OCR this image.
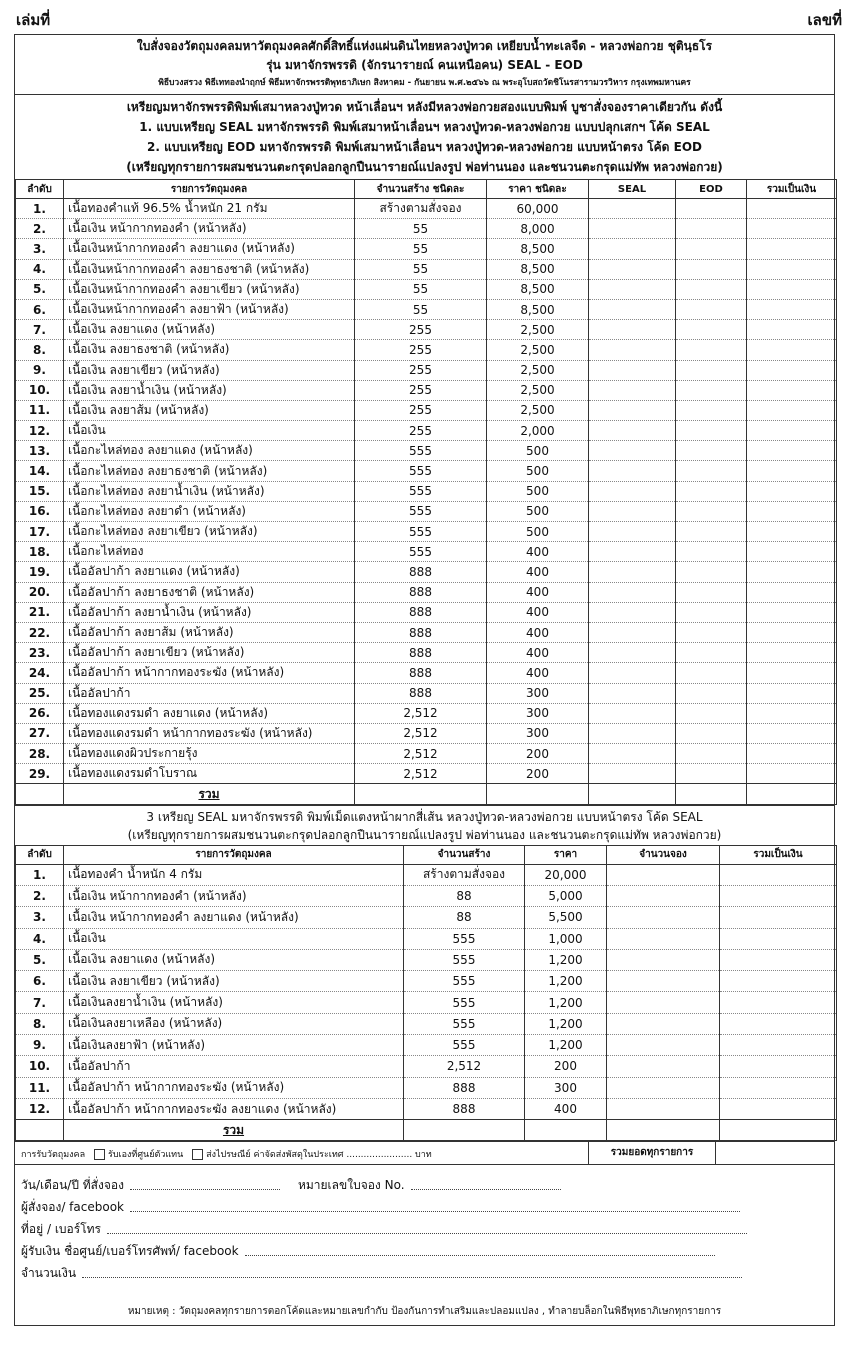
เล่มที่	เลขที่
ใบสั่งจองวัตถุมงคลมหาวัตถุมงคลศักดิ์สิทธิ์แห่งแผ่นดินไทยหลวงปู่ทวด เหยียบน้ำทะเลจืด - หลวงพ่อกวย ชุตินฺธโร
รุ่น มหาจักรพรรดิ (จักรนารายณ์ คนเหนือคน) SEAL - EOD
พิธีบวงสรวง พิธีเททองนำฤกษ์ พิธีมหาจักรพรรดิพุทธาภิเษก สิงหาคม - กันยายน พ.ศ.๒๕๖๖ ณ พระอุโบสถวัดชิโนรสารามวรวิหาร กรุงเทพมหานคร
เหรียญมหาจักรพรรดิพิมพ์เสมาหลวงปู่ทวด หน้าเลื่อนฯ หลังมีหลวงพ่อกวยสองแบบพิมพ์ บูชาสั่งจองราคาเดียวกัน ดังนี้
1. แบบเหรียญ SEAL มหาจักรพรรดิ พิมพ์เสมาหน้าเลื่อนฯ หลวงปู่ทวด-หลวงพ่อกวย แบบปลุกเสกฯ โค้ด SEAL
2. แบบเหรียญ EOD มหาจักรพรรดิ พิมพ์เสมาหน้าเลื่อนฯ หลวงปู่ทวด-หลวงพ่อกวย แบบหน้าตรง โค้ด EOD
(เหรียญทุกรายการผสมชนวนตะกรุดปลอกลูกปืนนารายณ์แปลงรูป พ่อท่านนอง และชนวนตะกรุดแม่ทัพ หลวงพ่อกวย)
ลำดับ	รายการวัตถุมงคล	จำนวนสร้าง ชนิดละ	ราคา ชนิดละ	SEAL	EOD	รวมเป็นเงิน
1.	เนื้อทองคำแท้ 96.5% น้ำหนัก 21 กรัม	สร้างตามสั่งจอง	60,000			
2.	เนื้อเงิน หน้ากากทองคำ (หน้าหลัง)	55	8,000			
3.	เนื้อเงินหน้ากากทองคำ ลงยาแดง (หน้าหลัง)	55	8,500			
4.	เนื้อเงินหน้ากากทองคำ ลงยาธงชาติ (หน้าหลัง)	55	8,500			
5.	เนื้อเงินหน้ากากทองคำ ลงยาเขียว (หน้าหลัง)	55	8,500			
6.	เนื้อเงินหน้ากากทองคำ ลงยาฟ้า (หน้าหลัง)	55	8,500			
7.	เนื้อเงิน ลงยาแดง (หน้าหลัง)	255	2,500			
8.	เนื้อเงิน ลงยาธงชาติ (หน้าหลัง)	255	2,500			
9.	เนื้อเงิน ลงยาเขียว (หน้าหลัง)	255	2,500			
10.	เนื้อเงิน ลงยาน้ำเงิน (หน้าหลัง)	255	2,500			
11.	เนื้อเงิน ลงยาส้ม (หน้าหลัง)	255	2,500			
12.	เนื้อเงิน	255	2,000			
13.	เนื้อกะไหล่ทอง ลงยาแดง (หน้าหลัง)	555	500			
14.	เนื้อกะไหล่ทอง ลงยาธงชาติ (หน้าหลัง)	555	500			
15.	เนื้อกะไหล่ทอง ลงยาน้ำเงิน (หน้าหลัง)	555	500			
16.	เนื้อกะไหล่ทอง ลงยาดำ (หน้าหลัง)	555	500			
17.	เนื้อกะไหล่ทอง ลงยาเขียว (หน้าหลัง)	555	500			
18.	เนื้อกะไหล่ทอง	555	400			
19.	เนื้ออัลปาก้า ลงยาแดง (หน้าหลัง)	888	400			
20.	เนื้ออัลปาก้า ลงยาธงชาติ (หน้าหลัง)	888	400			
21.	เนื้ออัลปาก้า ลงยาน้ำเงิน (หน้าหลัง)	888	400			
22.	เนื้ออัลปาก้า ลงยาส้ม (หน้าหลัง)	888	400			
23.	เนื้ออัลปาก้า ลงยาเขียว (หน้าหลัง)	888	400			
24.	เนื้ออัลปาก้า หน้ากากทองระฆัง (หน้าหลัง)	888	400			
25.	เนื้ออัลปาก้า	888	300			
26.	เนื้อทองแดงรมดำ ลงยาแดง (หน้าหลัง)	2,512	300			
27.	เนื้อทองแดงรมดำ หน้ากากทองระฆัง (หน้าหลัง)	2,512	300			
28.	เนื้อทองแดงผิวประกายรุ้ง	2,512	200			
29.	เนื้อทองแดงรมดำโบราณ	2,512	200			
	รวม					
3 เหรียญ SEAL มหาจักรพรรดิ พิมพ์เม็ดแตงหน้าผากสี่เส้น หลวงปู่ทวด-หลวงพ่อกวย แบบหน้าตรง โค้ด SEAL
(เหรียญทุกรายการผสมชนวนตะกรุดปลอกลูกปืนนารายณ์แปลงรูป พ่อท่านนอง และชนวนตะกรุดแม่ทัพ หลวงพ่อกวย)
ลำดับ	รายการวัตถุมงคล	จำนวนสร้าง	ราคา	จำนวนจอง	รวมเป็นเงิน
1.	เนื้อทองคำ น้ำหนัก 4 กรัม	สร้างตามสั่งจอง	20,000		
2.	เนื้อเงิน หน้ากากทองคำ (หน้าหลัง)	88	5,000		
3.	เนื้อเงิน หน้ากากทองคำ ลงยาแดง (หน้าหลัง)	88	5,500		
4.	เนื้อเงิน	555	1,000		
5.	เนื้อเงิน ลงยาแดง (หน้าหลัง)	555	1,200		
6.	เนื้อเงิน ลงยาเขียว (หน้าหลัง)	555	1,200		
7.	เนื้อเงินลงยาน้ำเงิน (หน้าหลัง)	555	1,200		
8.	เนื้อเงินลงยาเหลือง (หน้าหลัง)	555	1,200		
9.	เนื้อเงินลงยาฟ้า (หน้าหลัง)	555	1,200		
10.	เนื้ออัลปาก้า	2,512	200		
11.	เนื้ออัลปาก้า หน้ากากทองระฆัง (หน้าหลัง)	888	300		
12.	เนื้ออัลปาก้า หน้ากากทองระฆัง ลงยาแดง (หน้าหลัง)	888	400		
	รวม				
การรับวัตถุมงคล	รับเองที่ศูนย์ตัวแทน	ส่งไปรษณีย์ ค่าจัดส่งพัสดุในประเทศ ....................... บาท	รวมยอดทุกรายการ
วัน/เดือน/ปี ที่สั่งจอง	หมายเลขใบจอง No.
ผู้สั่งจอง/ facebook
ที่อยู่ / เบอร์โทร
ผู้รับเงิน ชื่อศูนย์/เบอร์โทรศัพท์/ facebook
จำนวนเงิน
หมายเหตุ : วัตถุมงคลทุกรายการตอกโค้ดและหมายเลขกำกับ ป้องกันการทำเสริมและปลอมแปลง , ทำลายบล็อกในพิธีพุทธาภิเษกทุกรายการ
